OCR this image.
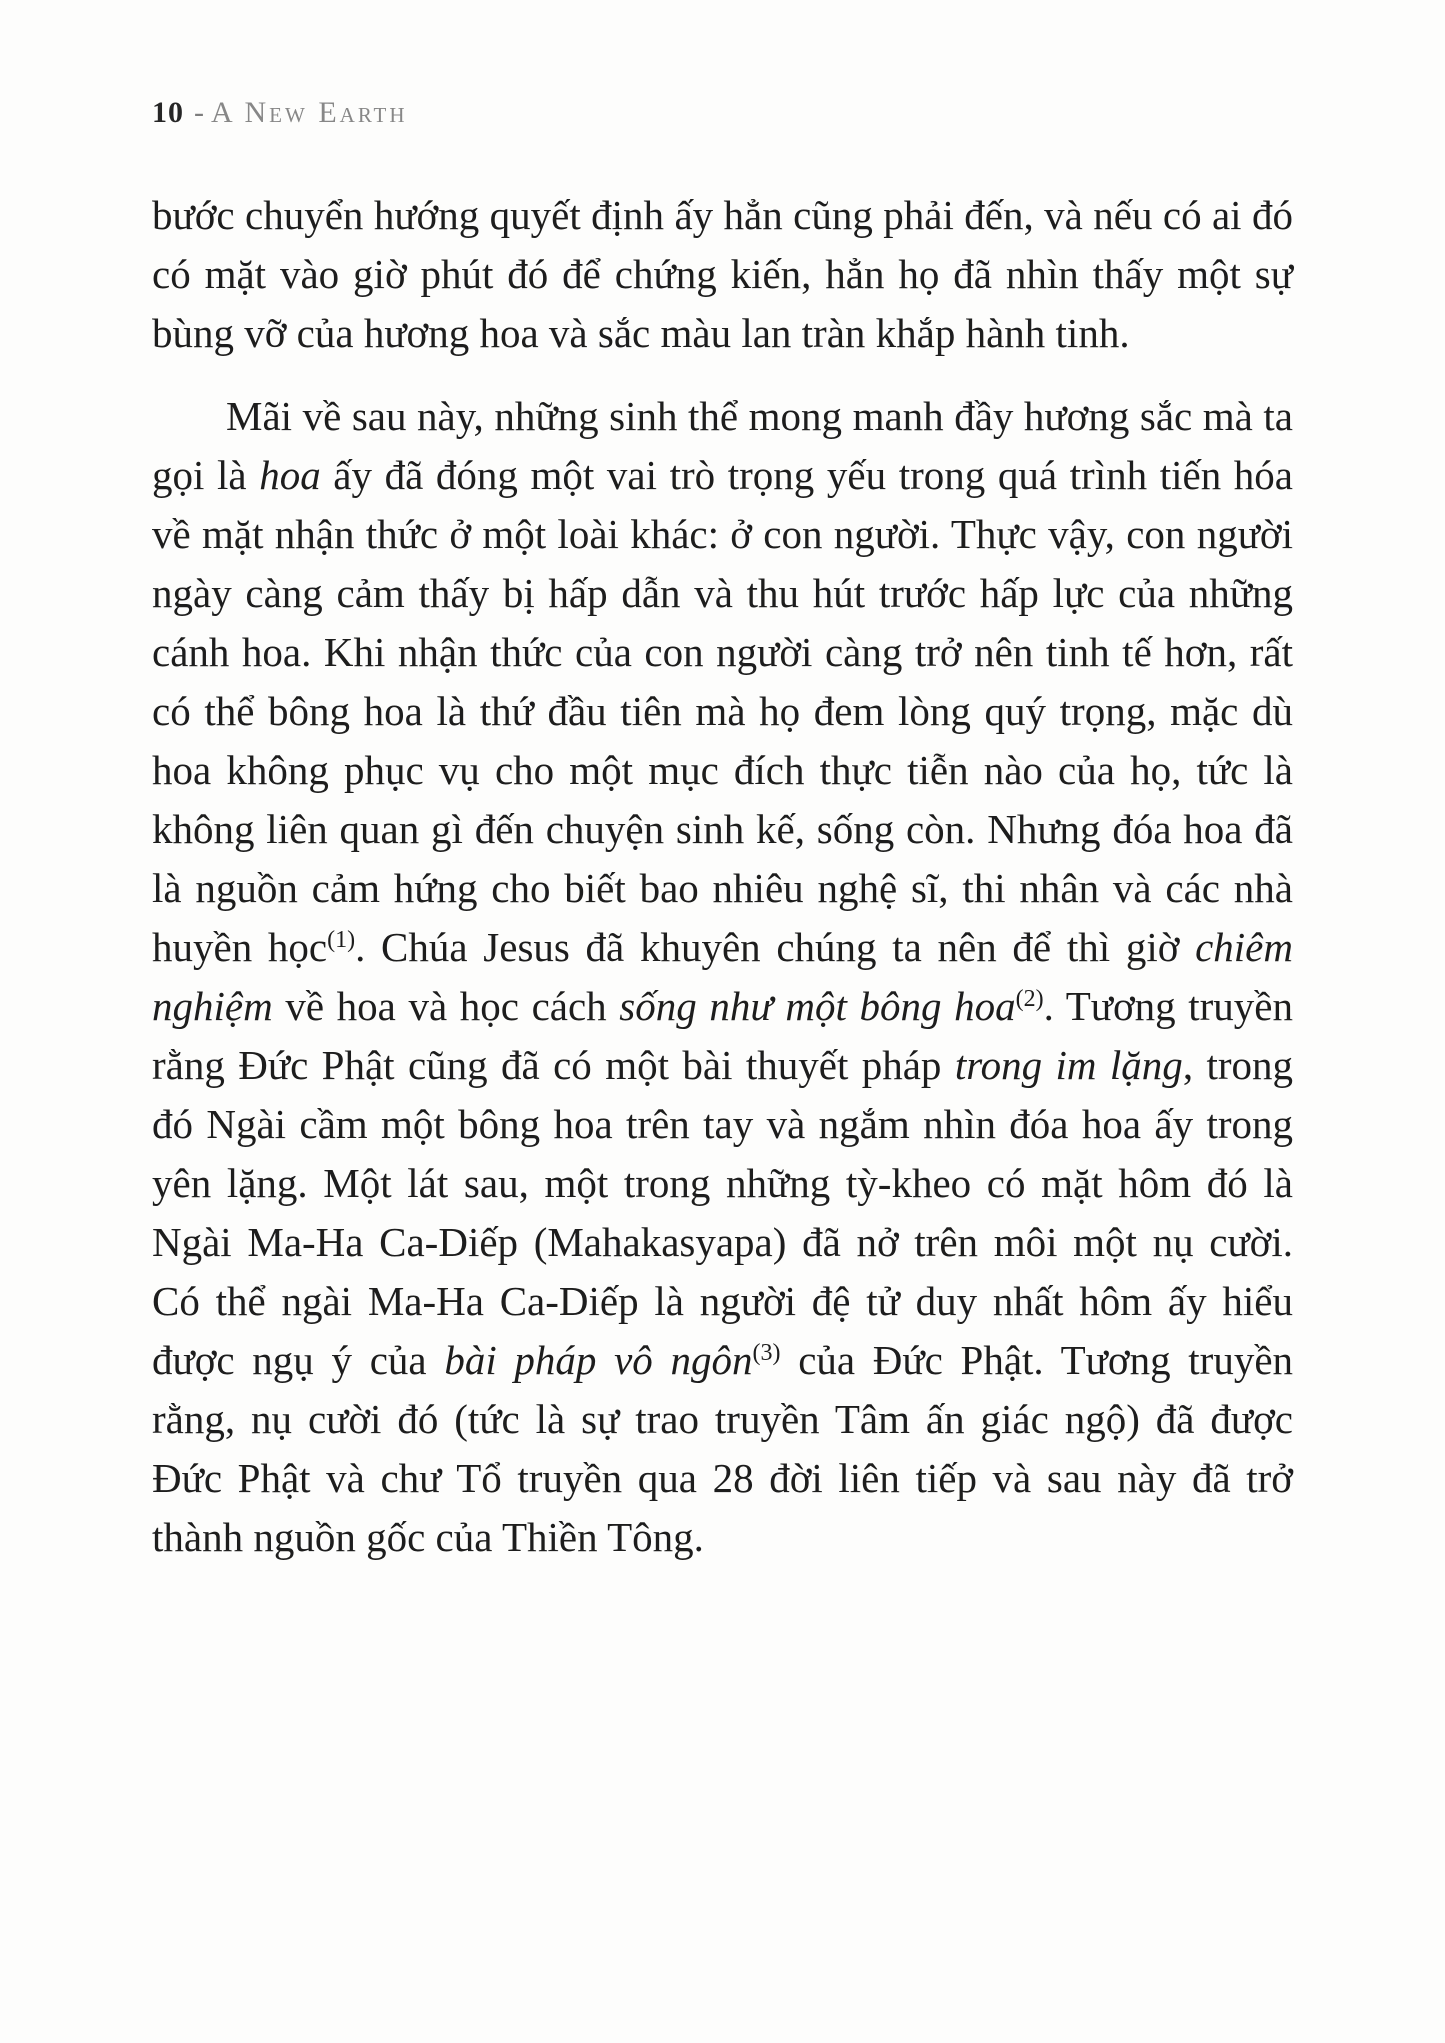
10 - A New Earth

bước chuyển hướng quyết định ấy hẳn cũng phải đến, và nếu có ai đó có mặt vào giờ phút đó để chứng kiến, hẳn họ đã nhìn thấy một sự bùng vỡ của hương hoa và sắc màu lan tràn khắp hành tinh.

Mãi về sau này, những sinh thể mong manh đầy hương sắc mà ta gọi là hoa ấy đã đóng một vai trò trọng yếu trong quá trình tiến hóa về mặt nhận thức ở một loài khác: ở con người. Thực vậy, con người ngày càng cảm thấy bị hấp dẫn và thu hút trước hấp lực của những cánh hoa. Khi nhận thức của con người càng trở nên tinh tế hơn, rất có thể bông hoa là thứ đầu tiên mà họ đem lòng quý trọng, mặc dù hoa không phục vụ cho một mục đích thực tiễn nào của họ, tức là không liên quan gì đến chuyện sinh kế, sống còn. Nhưng đóa hoa đã là nguồn cảm hứng cho biết bao nhiêu nghệ sĩ, thi nhân và các nhà huyền học$^{(1)}$. Chúa Jesus đã khuyên chúng ta nên để thì giờ chiêm nghiệm về hoa và học cách sống như một bông hoa$^{(2)}$. Tương truyền rằng Đức Phật cũng đã có một bài thuyết pháp trong im lặng, trong đó Ngài cầm một bông hoa trên tay và ngắm nhìn đóa hoa ấy trong yên lặng. Một lát sau, một trong những tỳ-kheo có mặt hôm đó là Ngài Ma-Ha Ca-Diếp (Mahakasyapa) đã nở trên môi một nụ cười. Có thể ngài Ma-Ha Ca-Diếp là người đệ tử duy nhất hôm ấy hiểu được ngụ ý của bài pháp vô ngôn$^{(3)}$ của Đức Phật. Tương truyền rằng, nụ cười đó (tức là sự trao truyền Tâm ấn giác ngộ) đã được Đức Phật và chư Tổ truyền qua 28 đời liên tiếp và sau này đã trở thành nguồn gốc của Thiền Tông.
